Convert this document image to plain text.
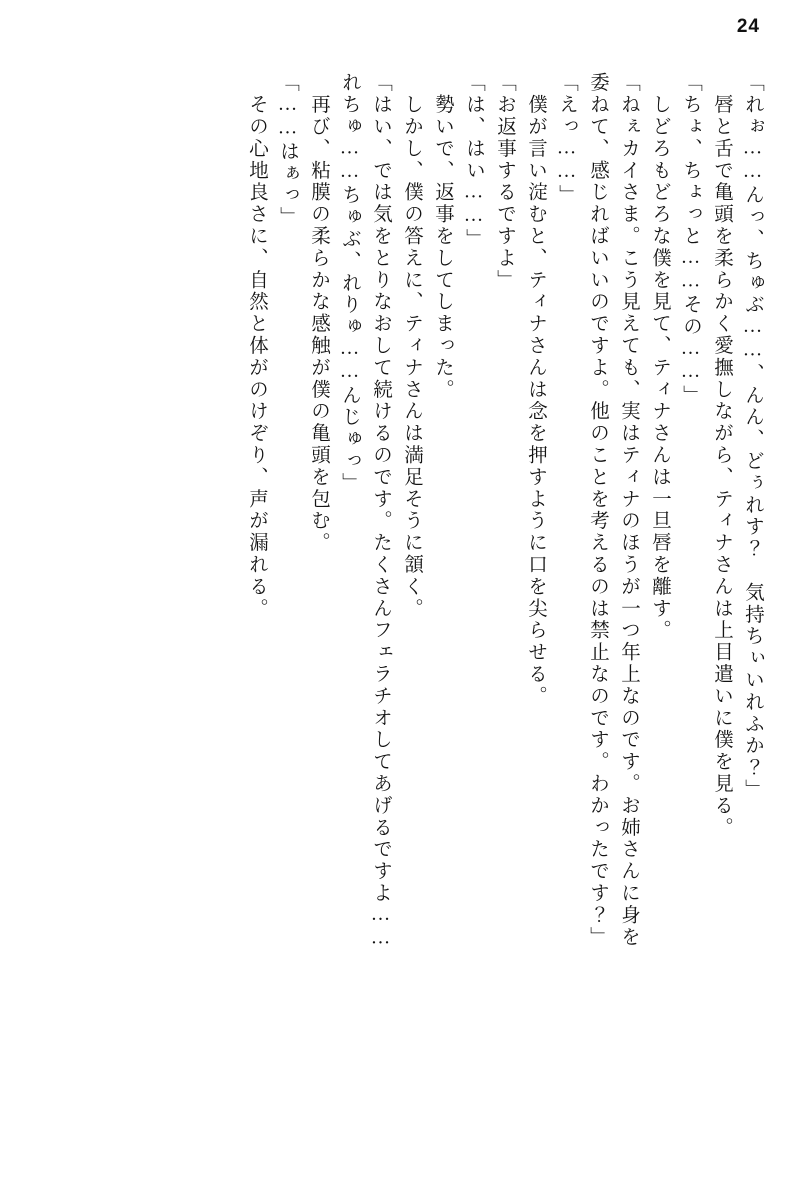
24
「れぉ……んっ、ちゅぶ……、んん、どぅれす？　気持ちぃいれふか？」
　唇と舌で亀頭を柔らかく愛撫しながら、ティナさんは上目遣いに僕を見る。
「ちょ、ちょっと……その……」
　しどろもどろな僕を見て、ティナさんは一旦唇を離す。
「ねぇカイさま。こう見えても、実はティナのほうが一つ年上なのです。お姉さんに身を
委ねて、感じればいいのですよ。他のことを考えるのは禁止なのです。わかったです？」
「えっ……」
　僕が言い淀むと、ティナさんは念を押すように口を尖らせる。
「お返事するですよ」
「は、はい……」
　勢いで、返事をしてしまった。
　しかし、僕の答えに、ティナさんは満足そうに頷く。
「はい、では気をとりなおして続けるのです。たくさんフェラチオしてあげるですよ……
れちゅ……ちゅぶ、れりゅ……んじゅっ」
　再び、粘膜の柔らかな感触が僕の亀頭を包む。
「……はぁっ」
　その心地良さに、自然と体がのけぞり、声が漏れる。
